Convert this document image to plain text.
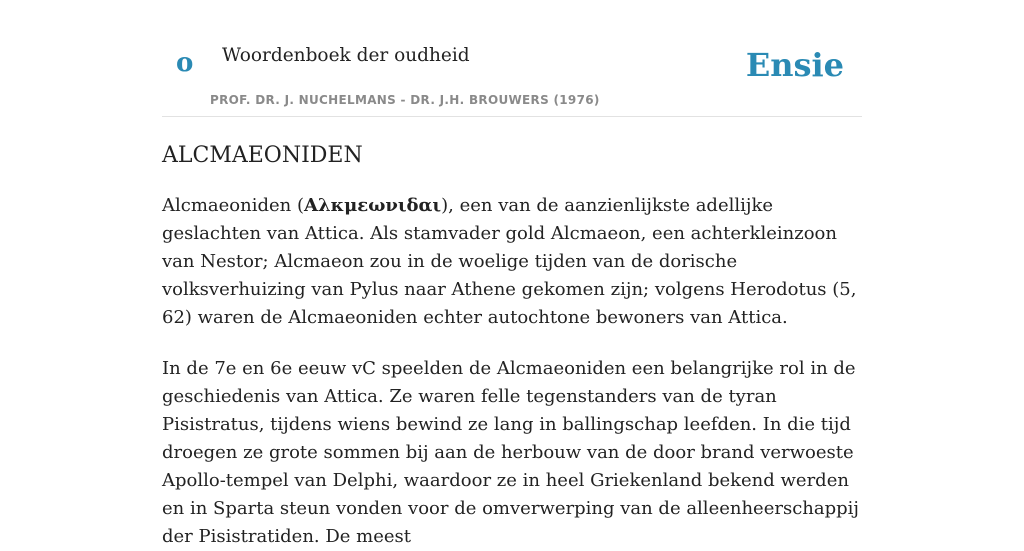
o Woordenboek der oudheid	Ensie
PROF. DR. J. NUCHELMANS - DR. J.H. BROUWERS (1976)
ALCMAEONIDEN

Alcmaeoniden (Αλκμεωνιδαι), een van de aanzienlijkste adellijke geslachten van Attica. Als stamvader gold Alcmaeon, een achterkleinzoon van Nestor; Alcmaeon zou in de woelige tijden van de dorische volksverhuizing van Pylus naar Athene gekomen zijn; volgens Herodotus (5, 62) waren de Alcmaeoniden echter autochtone bewoners van Attica.

In de 7e en 6e eeuw vC speelden de Alcmaeoniden een belangrijke rol in de geschiedenis van Attica. Ze waren felle tegenstanders van de tyran Pisistratus, tijdens wiens bewind ze lang in ballingschap leefden. In die tijd droegen ze grote sommen bij aan de herbouw van de door brand verwoeste Apollo-tempel van Delphi, waardoor ze in heel Griekenland bekend werden en in Sparta steun vonden voor de omverwerping van de alleenheerschappij der Pisistratiden. De meest
